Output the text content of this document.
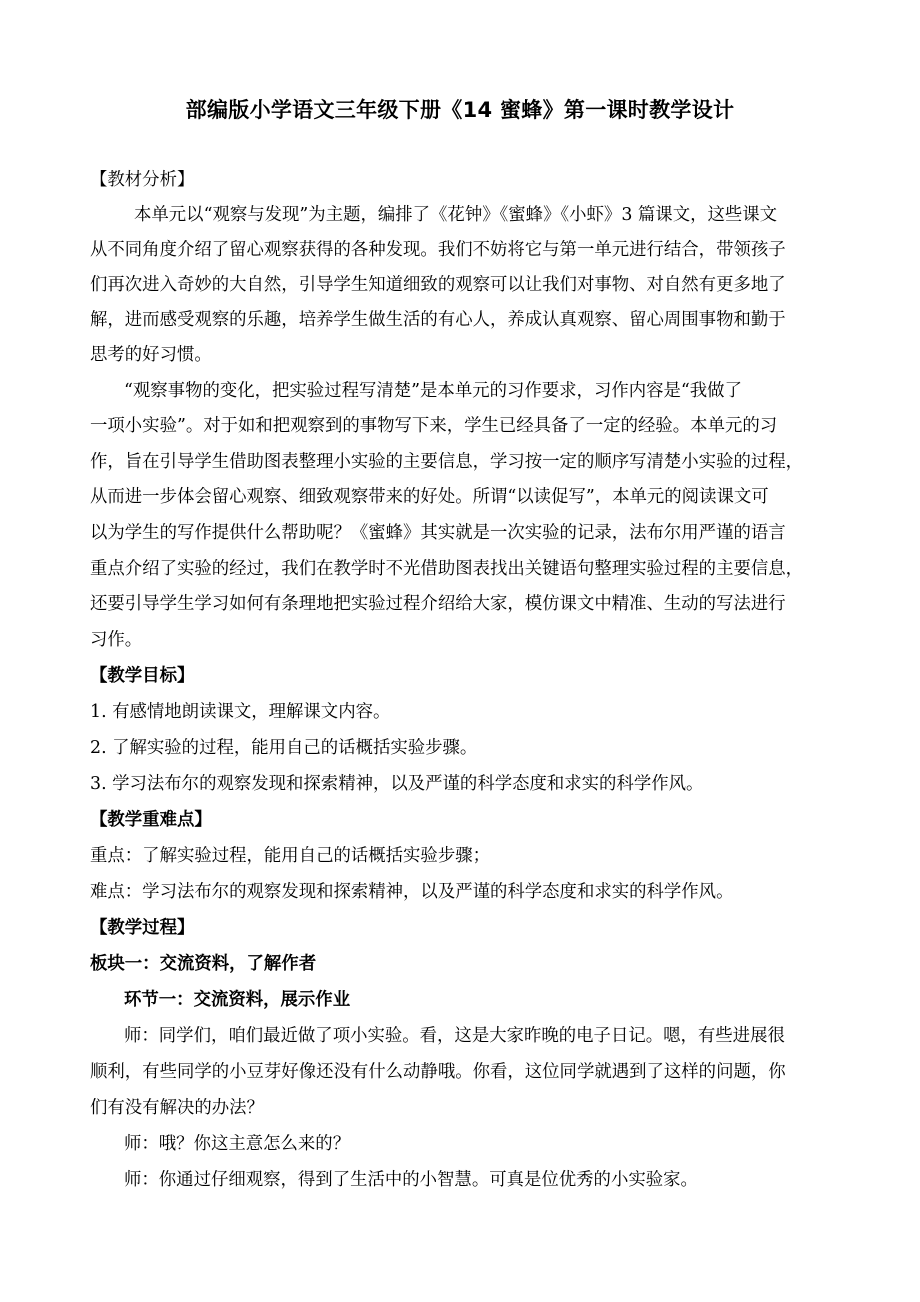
部编版小学语文三年级下册《14 蜜蜂》第一课时教学设计
【教材分析】
本单元以“观察与发现”为主题，编排了《花钟》《蜜蜂》《小虾》3 篇课文，这些课文
从不同角度介绍了留心观察获得的各种发现。我们不妨将它与第一单元进行结合，带领孩子
们再次进入奇妙的大自然，引导学生知道细致的观察可以让我们对事物、对自然有更多地了
解，进而感受观察的乐趣，培养学生做生活的有心人，养成认真观察、留心周围事物和勤于
思考的好习惯。
“观察事物的变化，把实验过程写清楚”是本单元的习作要求，习作内容是“我做了
一项小实验”。对于如和把观察到的事物写下来，学生已经具备了一定的经验。本单元的习
作，旨在引导学生借助图表整理小实验的主要信息，学习按一定的顺序写清楚小实验的过程，
从而进一步体会留心观察、细致观察带来的好处。所谓“以读促写”，本单元的阅读课文可
以为学生的写作提供什么帮助呢？《蜜蜂》其实就是一次实验的记录，法布尔用严谨的语言
重点介绍了实验的经过，我们在教学时不光借助图表找出关键语句整理实验过程的主要信息，
还要引导学生学习如何有条理地把实验过程介绍给大家，模仿课文中精准、生动的写法进行
习作。
【教学目标】
1. 有感情地朗读课文，理解课文内容。
2. 了解实验的过程，能用自己的话概括实验步骤。
3. 学习法布尔的观察发现和探索精神，以及严谨的科学态度和求实的科学作风。
【教学重难点】
重点：了解实验过程，能用自己的话概括实验步骤；
难点：学习法布尔的观察发现和探索精神，以及严谨的科学态度和求实的科学作风。
【教学过程】
板块一：交流资料，了解作者
环节一：交流资料，展示作业
师：同学们，咱们最近做了项小实验。看，这是大家昨晚的电子日记。嗯，有些进展很
顺利，有些同学的小豆芽好像还没有什么动静哦。你看，这位同学就遇到了这样的问题，你
们有没有解决的办法？
师：哦？你这主意怎么来的？
师：你通过仔细观察，得到了生活中的小智慧。可真是位优秀的小实验家。
